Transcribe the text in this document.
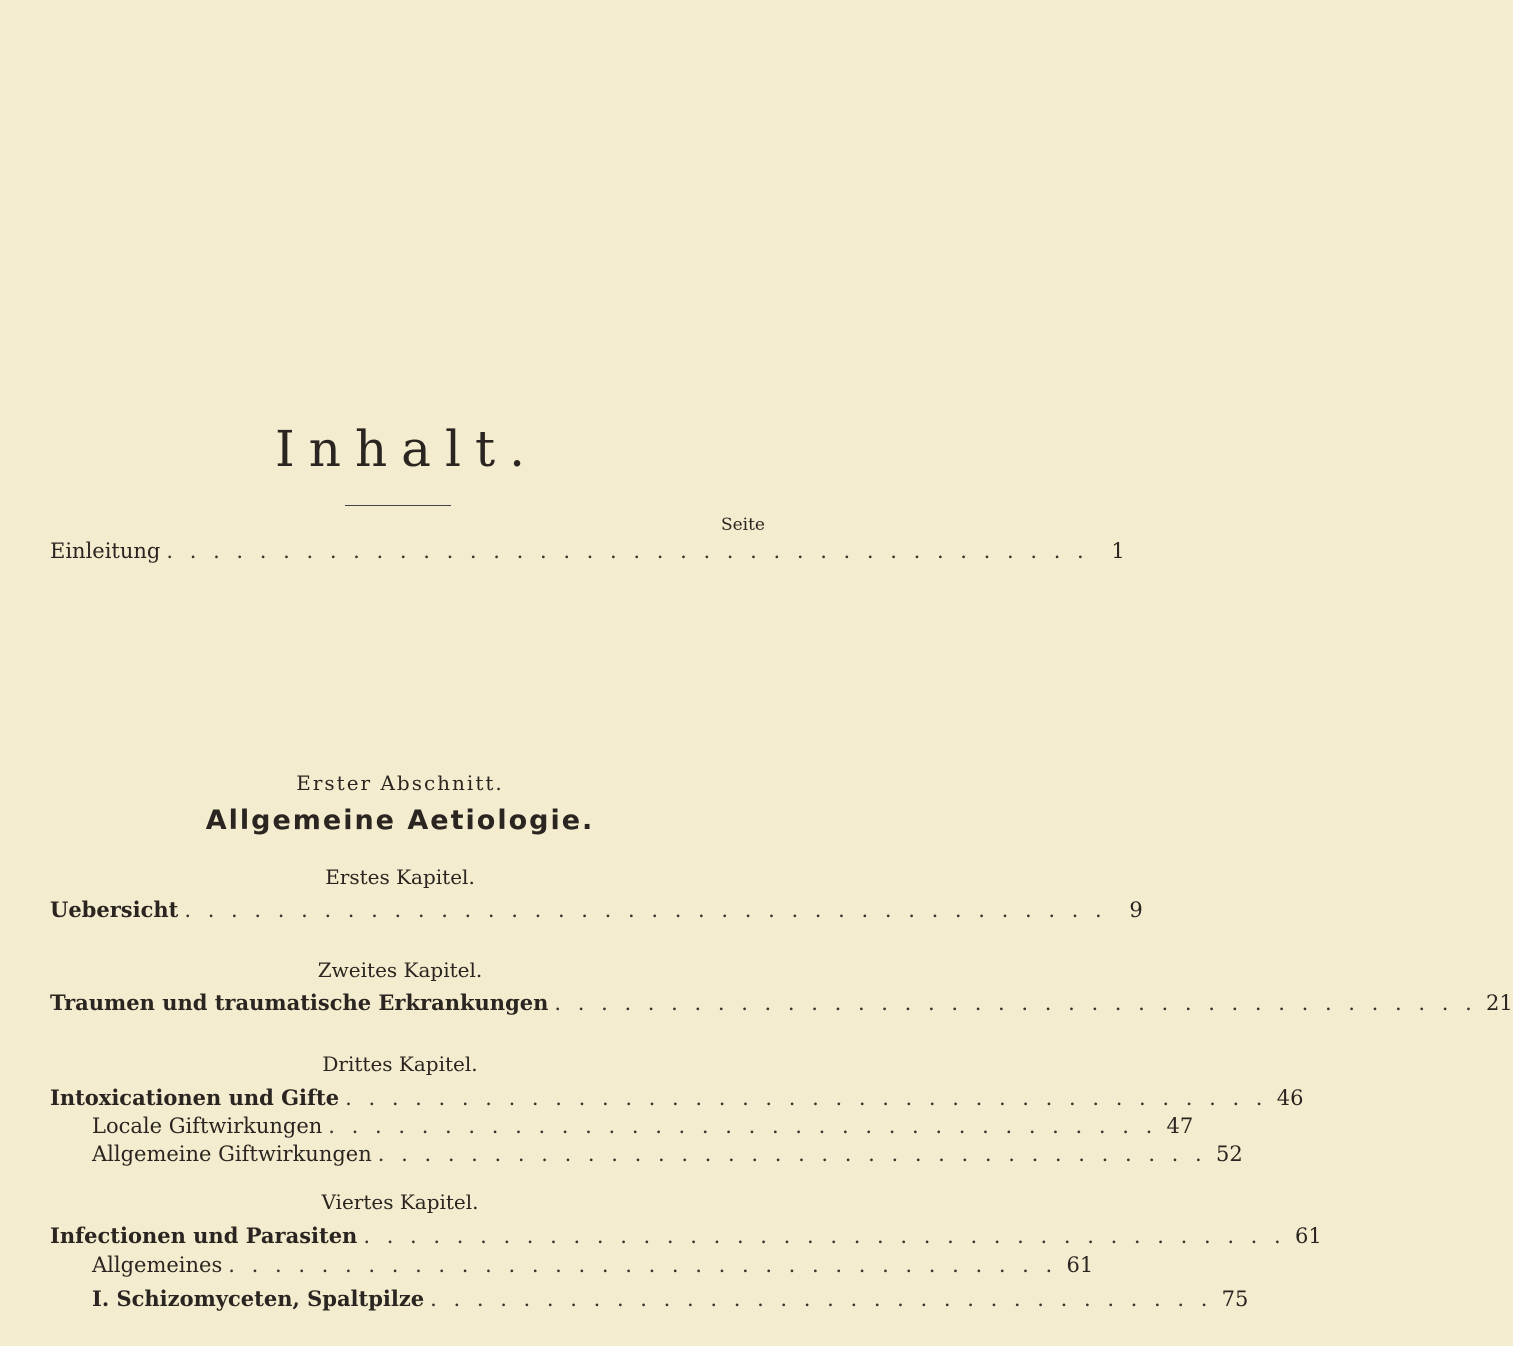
Inhalt.
Seite
Einleitung . . . . . . . . . . . . . . . . . . . . . . . . . . . . . . . . . . . . . . . .	1
Erster Abschnitt.
Allgemeine Aetiologie.
Erstes Kapitel.
Uebersicht . . . . . . . . . . . . . . . . . . . . . . . . . . . . . . . . . . . . . . . .	9
Zweites Kapitel.
Traumen und traumatische Erkrankungen . . . . . . . . . . . . . . . . . . . . . . . . . . . . . . . . . . . . . . . . 21
Drittes Kapitel.
Intoxicationen und Gifte . . . . . . . . . . . . . . . . . . . . . . . . . . . . . . . . . . . . . . . . 46
Locale Giftwirkungen . . . . . . . . . . . . . . . . . . . . . . . . . . . . . . . . . . . . 47
Allgemeine Giftwirkungen . . . . . . . . . . . . . . . . . . . . . . . . . . . . . . . . . . . . 52
Viertes Kapitel.
Infectionen und Parasiten . . . . . . . . . . . . . . . . . . . . . . . . . . . . . . . . . . . . . . . . 61
Allgemeines . . . . . . . . . . . . . . . . . . . . . . . . . . . . . . . . . . . . 61
I. Schizomyceten, Spaltpilze . . . . . . . . . . . . . . . . . . . . . . . . . . . . . . . . . . 75
